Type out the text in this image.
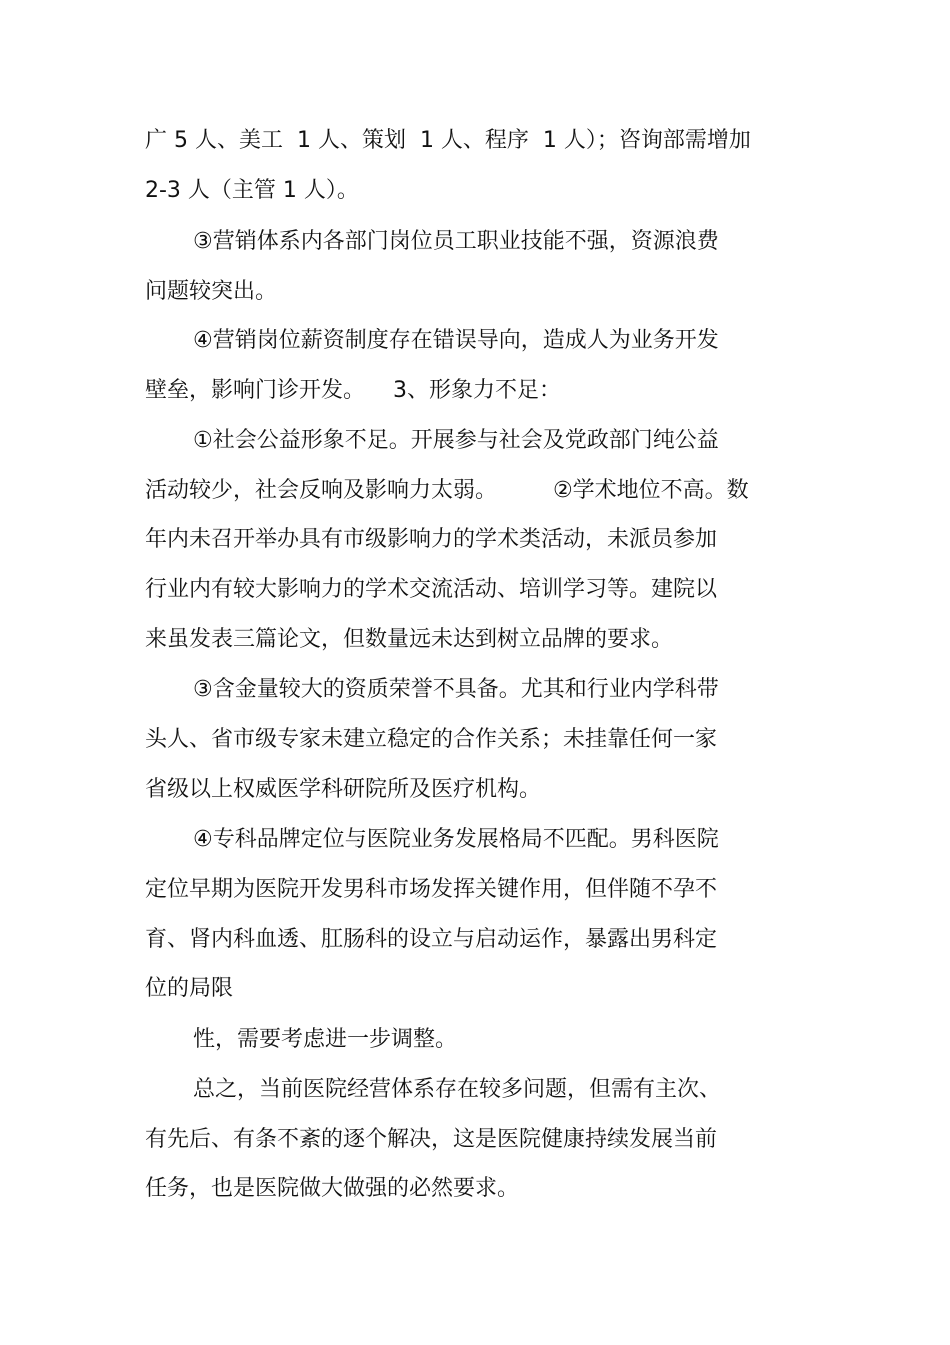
广 5 人、美工  1 人、策划  1 人、程序  1 人）；咨询部需增加
2-3 人（主管 1 人）。
③营销体系内各部门岗位员工职业技能不强，资源浪费
问题较突出。
④营销岗位薪资制度存在错误导向，造成人为业务开发
壁垒，影响门诊开发。    3、形象力不足：
①社会公益形象不足。开展参与社会及党政部门纯公益
活动较少，社会反响及影响力太弱。        ②学术地位不高。数
年内未召开举办具有市级影响力的学术类活动，未派员参加
行业内有较大影响力的学术交流活动、培训学习等。建院以
来虽发表三篇论文，但数量远未达到树立品牌的要求。
③含金量较大的资质荣誉不具备。尤其和行业内学科带
头人、省市级专家未建立稳定的合作关系；未挂靠任何一家
省级以上权威医学科研院所及医疗机构。
④专科品牌定位与医院业务发展格局不匹配。男科医院
定位早期为医院开发男科市场发挥关键作用，但伴随不孕不
育、肾内科血透、肛肠科的设立与启动运作，暴露出男科定
位的局限
性，需要考虑进一步调整。
总之，当前医院经营体系存在较多问题，但需有主次、
有先后、有条不紊的逐个解决，这是医院健康持续发展当前
任务，也是医院做大做强的必然要求。
